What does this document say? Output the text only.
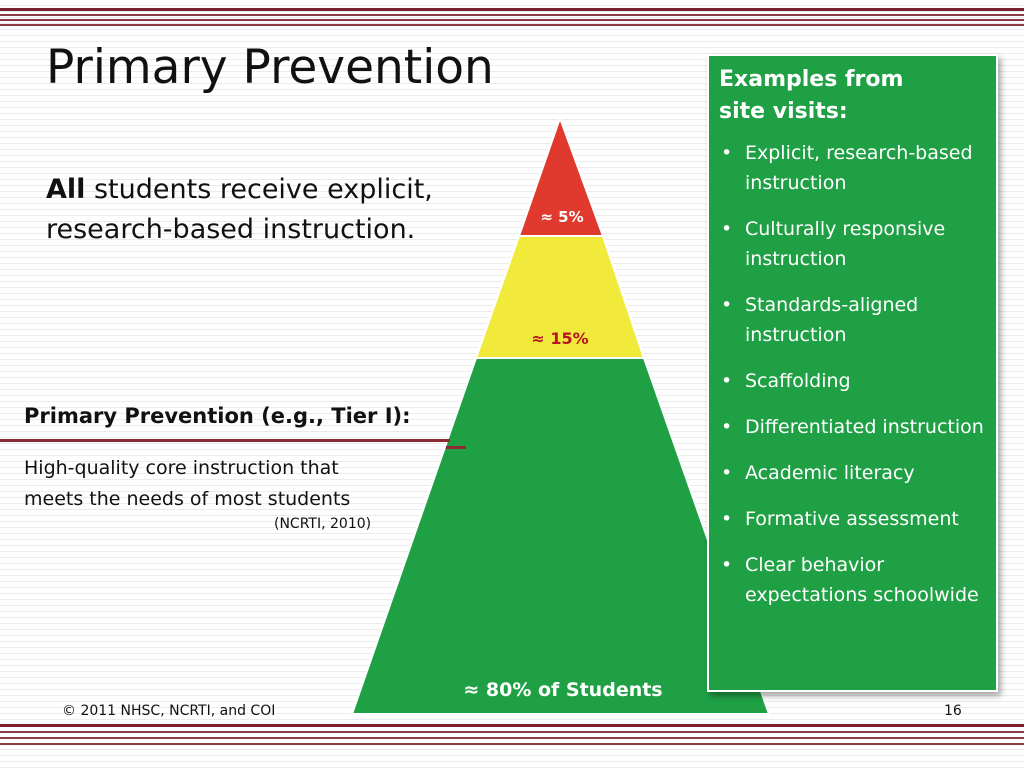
Primary Prevention
All students receive explicit, research-based instruction.	≈ 5%
≈ 15%
≈ 80% of Students
Primary Prevention (e.g., Tier I):
High-quality core instruction that meets the needs of most students
(NCRTI, 2010)
Examples from
site visits:
• Explicit, research-based instruction
• Culturally responsive instruction
• Standards-aligned instruction
• Scaffolding
• Differentiated instruction
• Academic literacy
• Formative assessment
• Clear behavior expectations schoolwide
© 2011 NHSC, NCRTI, and COI	16
